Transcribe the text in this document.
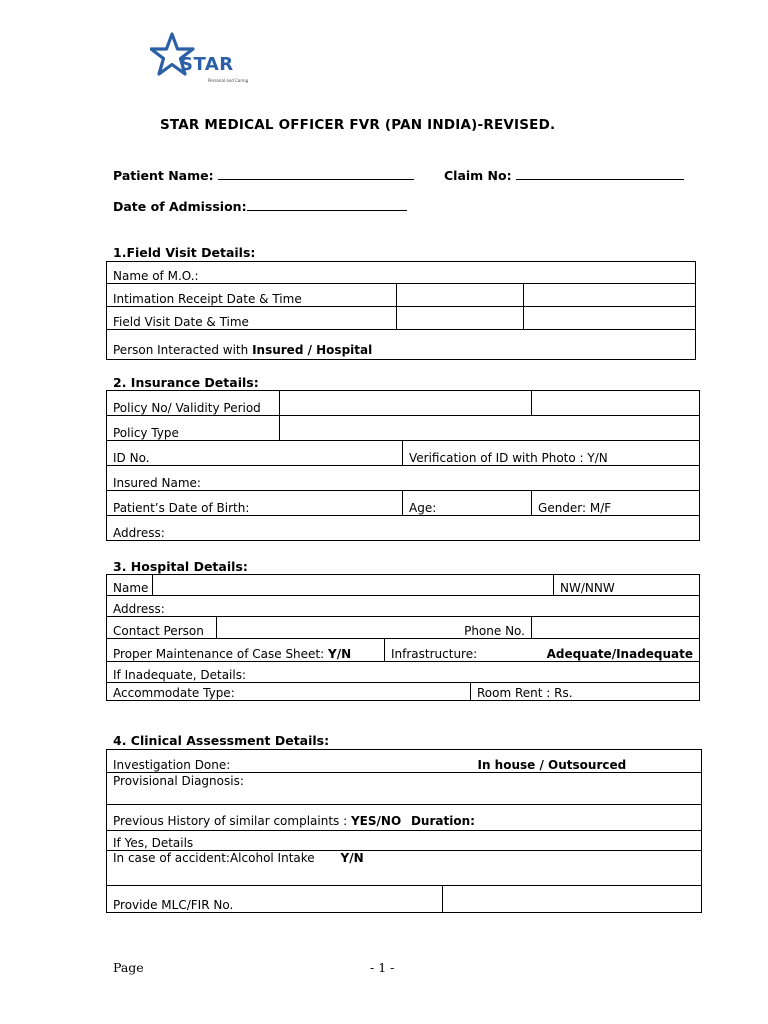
STAR
Personal and Caring
STAR MEDICAL OFFICER FVR (PAN INDIA)-REVISED.
Patient Name:	Claim No:
Date of Admission:
1.Field Visit Details:
Name of M.O.:		
Intimation Receipt Date & Time		
Field Visit Date & Time		
Person Interacted with Insured / Hospital		
2. Insurance Details:
Policy No/ Validity Period			
Policy Type			
ID No.		Verification of ID with Photo : Y/N	
Insured Name:			
Patient’s Date of Birth:		Age:	Gender: M/F
Address:			
3. Hospital Details:
Name						NW/NNW
Address:						
Contact Person		Phone No.				
Proper Maintenance of Case Sheet: Y/N			Infrastructure: Adequate/Inadequate			

If Inadequate, Details:						
Accommodate Type:				Room Rent : Rs.		
4. Clinical Assessment Details:
Investigation Done:	In house / Outsourced

Provisional Diagnosis:
Previous History of similar complaints : YES/NO Duration:
If Yes, Details
In case of accident:Alcohol Intake Y/N
Provide MLC/FIR No.	
Page	- 1 -
